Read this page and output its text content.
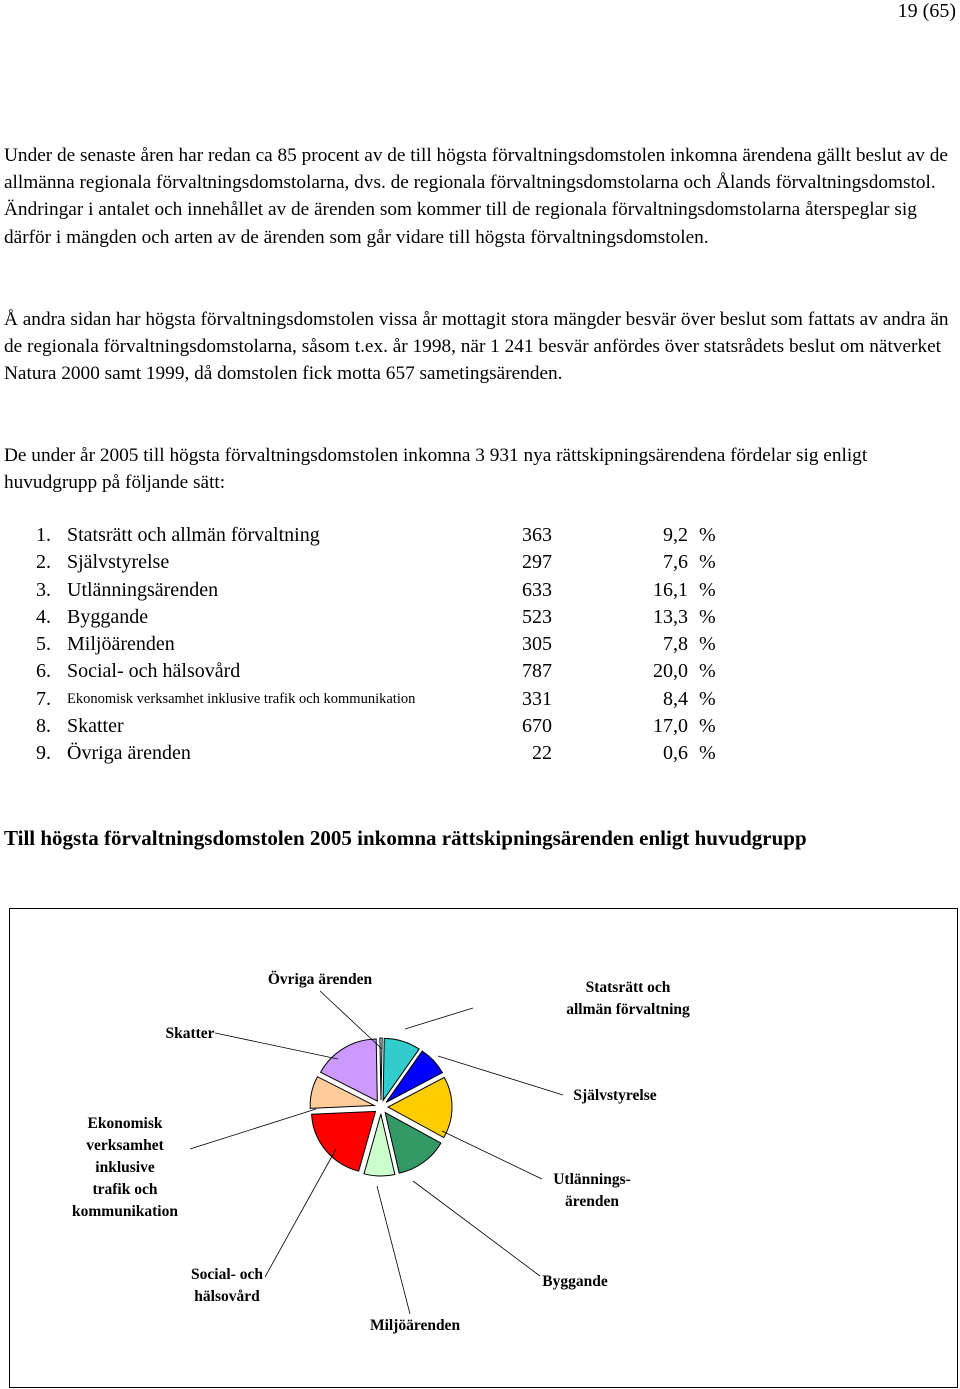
19 (65)

Under de senaste åren har redan ca 85 procent av de till högsta förvaltningsdomstolen inkomna ärendena gällt beslut av de allmänna regionala förvaltningsdomstolarna, dvs. de regionala förvaltningsdomstolarna och Ålands förvaltningsdomstol. Ändringar i antalet och innehållet av de ärenden som kommer till de regionala förvaltningsdomstolarna återspeglar sig därför i mängden och arten av de ärenden som går vidare till högsta förvaltningsdomstolen.

Å andra sidan har högsta förvaltningsdomstolen vissa år mottagit stora mängder besvär över beslut som fattats av andra än de regionala förvaltningsdomstolarna, såsom t.ex. år 1998, när 1 241 besvär anfördes över statsrådets beslut om nätverket Natura 2000 samt 1999, då domstolen fick motta 657 sametingsärenden.

De under år 2005 till högsta förvaltningsdomstolen inkomna 3 931 nya rättskipningsärendena fördelar sig enligt huvudgrupp på följande sätt:

1. Statsrätt och allmän förvaltning	363	9,2 %
2. Självstyrelse	297	7,6 %
3. Utlänningsärenden	633	16,1 %
4. Byggande	523	13,3 %
5. Miljöärenden	305	7,8 %
6. Social- och hälsovård	787	20,0 %
7. Ekonomisk verksamhet inklusive trafik och kommunikation	331	8,4 %
8. Skatter	670	17,0 %
9. Övriga ärenden	22	0,6 %
Till högsta förvaltningsdomstolen 2005 inkomna rättskipningsärenden enligt huvudgrupp
Statsrätt och
allmän förvaltning
Självstyrelse
Utlännings-
ärenden
Byggande
Miljöärenden
Social- och
hälsovård
Ekonomisk
verksamhet
inklusive
trafik och
kommunikation
Skatter
Övriga ärenden
